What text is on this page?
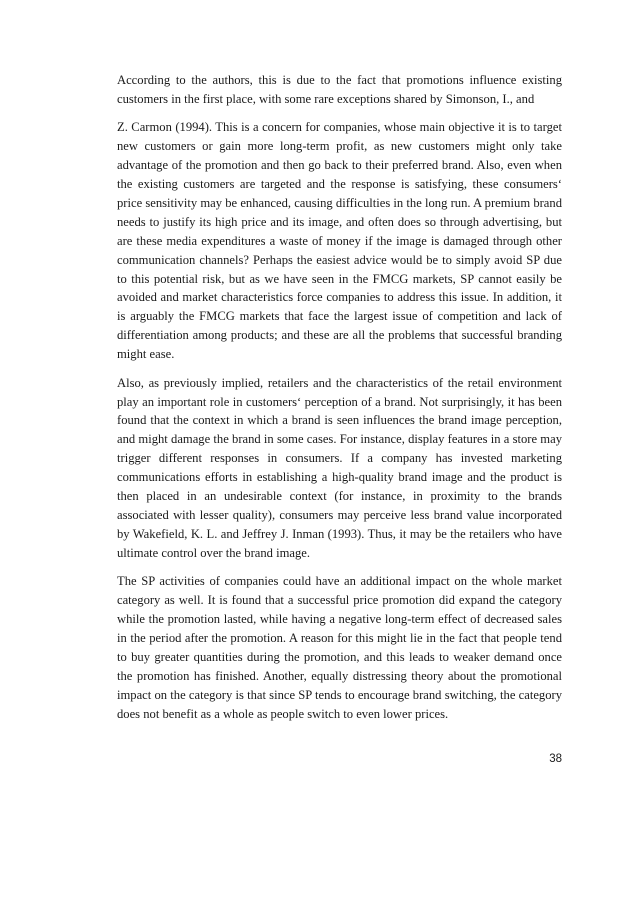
According to the authors, this is due to the fact that promotions influence existing customers in the first place, with some rare exceptions shared by Simonson, I., and

Z. Carmon (1994). This is a concern for companies, whose main objective it is to target new customers or gain more long-term profit, as new customers might only take advantage of the promotion and then go back to their preferred brand. Also, even when the existing customers are targeted and the response is satisfying, these consumers‘ price sensitivity may be enhanced, causing difficulties in the long run. A premium brand needs to justify its high price and its image, and often does so through advertising, but are these media expenditures a waste of money if the image is damaged through other communication channels? Perhaps the easiest advice would be to simply avoid SP due to this potential risk, but as we have seen in the FMCG markets, SP cannot easily be avoided and market characteristics force companies to address this issue. In addition, it is arguably the FMCG markets that face the largest issue of competition and lack of differentiation among products; and these are all the problems that successful branding might ease.

Also, as previously implied, retailers and the characteristics of the retail environment play an important role in customers‘ perception of a brand. Not surprisingly, it has been found that the context in which a brand is seen influences the brand image perception, and might damage the brand in some cases. For instance, display features in a store may trigger different responses in consumers. If a company has invested marketing communications efforts in establishing a high-quality brand image and the product is then placed in an undesirable context (for instance, in proximity to the brands associated with lesser quality), consumers may perceive less brand value incorporated by Wakefield, K. L. and Jeffrey J. Inman (1993). Thus, it may be the retailers who have ultimate control over the brand image.

The SP activities of companies could have an additional impact on the whole market category as well. It is found that a successful price promotion did expand the category while the promotion lasted, while having a negative long-term effect of decreased sales in the period after the promotion. A reason for this might lie in the fact that people tend to buy greater quantities during the promotion, and this leads to weaker demand once the promotion has finished. Another, equally distressing theory about the promotional impact on the category is that since SP tends to encourage brand switching, the category does not benefit as a whole as people switch to even lower prices.

38
